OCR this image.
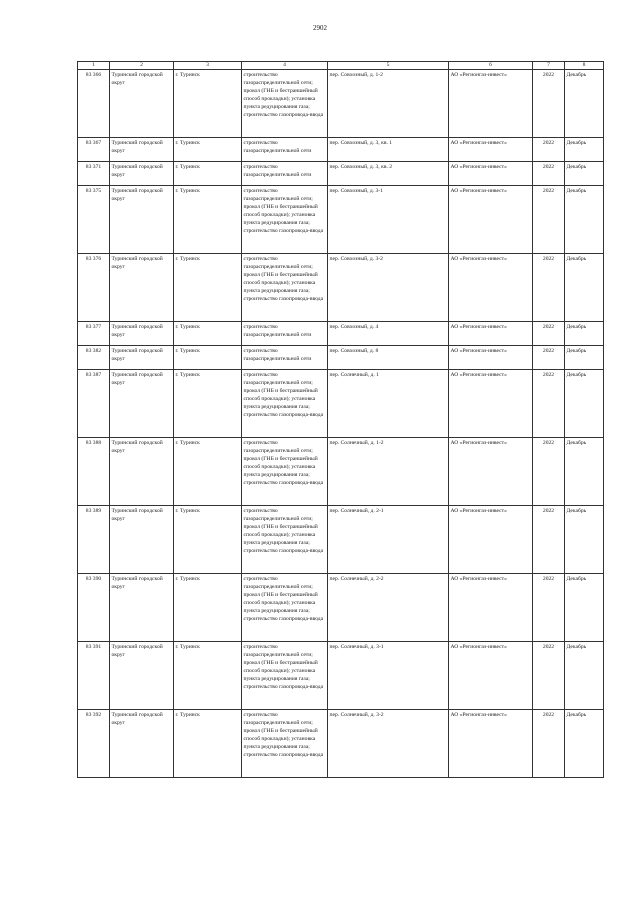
2902
1	2	3	4	5	6	7	8
83 366	Туринский городской округ	г. Туринск	строительство газораспределительной сети; прокол (ГНБ и бестраншейный способ прокладки); установка пункта редуцирования газа; строительство газопровода-ввода	пер. Совхозный, д. 1-2	АО «Регионгаз-инвест»	2022	Декабрь
83 367	Туринский городской округ	г. Туринск	строительство газораспределительной сети	пер. Совхозный, д. 3, кв. 1	АО «Регионгаз-инвест»	2022	Декабрь
83 371	Туринский городской округ	г. Туринск	строительство газораспределительной сети	пер. Совхозный, д. 3, кв. 2	АО «Регионгаз-инвест»	2022	Декабрь
83 375	Туринский городской округ	г. Туринск	строительство газораспределительной сети; прокол (ГНБ и бестраншейный способ прокладки); установка пункта редуцирования газа; строительство газопровода-ввода	пер. Совхозный, д. 3-1	АО «Регионгаз-инвест»	2022	Декабрь
83 376	Туринский городской округ	г. Туринск	строительство газораспределительной сети; прокол (ГНБ и бестраншейный способ прокладки); установка пункта редуцирования газа; строительство газопровода-ввода	пер. Совхозный, д. 3-2	АО «Регионгаз-инвест»	2022	Декабрь
83 377	Туринский городской округ	г. Туринск	строительство газораспределительной сети	пер. Совхозный, д. 4	АО «Регионгаз-инвест»	2022	Декабрь
83 382	Туринский городской округ	г. Туринск	строительство газораспределительной сети	пер. Совхозный, д. 8	АО «Регионгаз-инвест»	2022	Декабрь
83 387	Туринский городской округ	г. Туринск	строительство газораспределительной сети; прокол (ГНБ и бестраншейный способ прокладки); установка пункта редуцирования газа; строительство газопровода-ввода	пер. Солнечный, д. 1	АО «Регионгаз-инвест»	2022	Декабрь
83 388	Туринский городской округ	г. Туринск	строительство газораспределительной сети; прокол (ГНБ и бестраншейный способ прокладки); установка пункта редуцирования газа; строительство газопровода-ввода	пер. Солнечный, д. 1-2	АО «Регионгаз-инвест»	2022	Декабрь
83 389	Туринский городской округ	г. Туринск	строительство газораспределительной сети; прокол (ГНБ и бестраншейный способ прокладки); установка пункта редуцирования газа; строительство газопровода-ввода	пер. Солнечный, д. 2-1	АО «Регионгаз-инвест»	2022	Декабрь
83 390	Туринский городской округ	г. Туринск	строительство газораспределительной сети; прокол (ГНБ и бестраншейный способ прокладки); установка пункта редуцирования газа; строительство газопровода-ввода	пер. Солнечный, д. 2-2	АО «Регионгаз-инвест»	2022	Декабрь
83 391	Туринский городской округ	г. Туринск	строительство газораспределительной сети; прокол (ГНБ и бестраншейный способ прокладки); установка пункта редуцирования газа; строительство газопровода-ввода	пер. Солнечный, д. 3-1	АО «Регионгаз-инвест»	2022	Декабрь
83 392	Туринский городской округ	г. Туринск	строительство газораспределительной сети; прокол (ГНБ и бестраншейный способ прокладки); установка пункта редуцирования газа; строительство газопровода-ввода	пер. Солнечный, д. 3-2	АО «Регионгаз-инвест»	2022	Декабрь
